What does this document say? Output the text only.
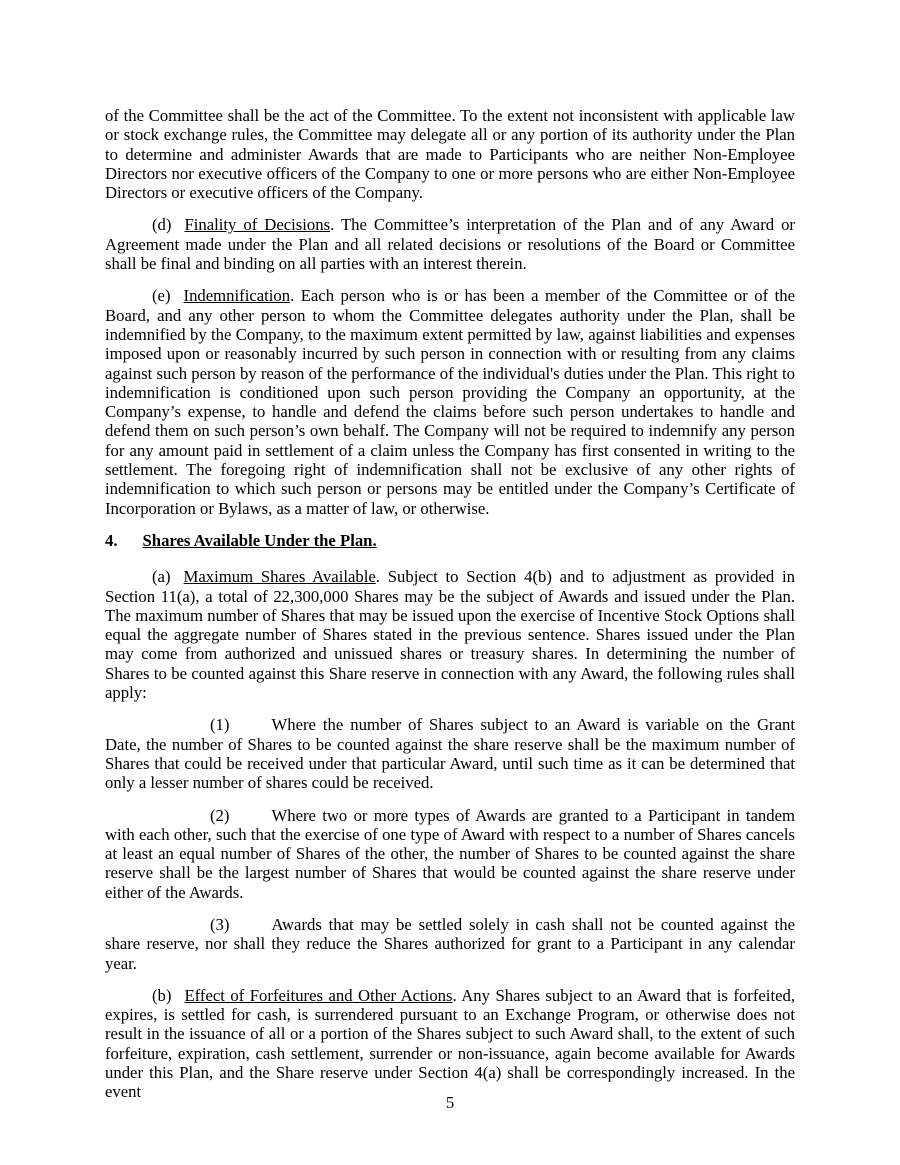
of the Committee shall be the act of the Committee. To the extent not inconsistent with applicable law or stock exchange rules, the Committee may delegate all or any portion of its authority under the Plan to determine and administer Awards that are made to Participants who are neither Non-Employee Directors nor executive officers of the Company to one or more persons who are either Non-Employee Directors or executive officers of the Company.

(d) Finality of Decisions. The Committee’s interpretation of the Plan and of any Award or Agreement made under the Plan and all related decisions or resolutions of the Board or Committee shall be final and binding on all parties with an interest therein.

(e) Indemnification. Each person who is or has been a member of the Committee or of the Board, and any other person to whom the Committee delegates authority under the Plan, shall be indemnified by the Company, to the maximum extent permitted by law, against liabilities and expenses imposed upon or reasonably incurred by such person in connection with or resulting from any claims against such person by reason of the performance of the individual's duties under the Plan. This right to indemnification is conditioned upon such person providing the Company an opportunity, at the Company’s expense, to handle and defend the claims before such person undertakes to handle and defend them on such person’s own behalf. The Company will not be required to indemnify any person for any amount paid in settlement of a claim unless the Company has first consented in writing to the settlement. The foregoing right of indemnification shall not be exclusive of any other rights of indemnification to which such person or persons may be entitled under the Company’s Certificate of Incorporation or Bylaws, as a matter of law, or otherwise.

4. Shares Available Under the Plan.

(a) Maximum Shares Available. Subject to Section 4(b) and to adjustment as provided in Section 11(a), a total of 22,300,000 Shares may be the subject of Awards and issued under the Plan. The maximum number of Shares that may be issued upon the exercise of Incentive Stock Options shall equal the aggregate number of Shares stated in the previous sentence. Shares issued under the Plan may come from authorized and unissued shares or treasury shares. In determining the number of Shares to be counted against this Share reserve in connection with any Award, the following rules shall apply:

(1)	Where the number of Shares subject to an Award is variable on the Grant Date, the number of Shares to be counted against the share reserve shall be the maximum number of Shares that could be received under that particular Award, until such time as it can be determined that only a lesser number of shares could be received.

(2)	Where two or more types of Awards are granted to a Participant in tandem with each other, such that the exercise of one type of Award with respect to a number of Shares cancels at least an equal number of Shares of the other, the number of Shares to be counted against the share reserve shall be the largest number of Shares that would be counted against the share reserve under either of the Awards.

(3)	Awards that may be settled solely in cash shall not be counted against the share reserve, nor shall they reduce the Shares authorized for grant to a Participant in any calendar year.

(b) Effect of Forfeitures and Other Actions. Any Shares subject to an Award that is forfeited, expires, is settled for cash, is surrendered pursuant to an Exchange Program, or otherwise does not result in the issuance of all or a portion of the Shares subject to such Award shall, to the extent of such forfeiture, expiration, cash settlement, surrender or non-issuance, again become available for Awards under this Plan, and the Share reserve under Section 4(a) shall be correspondingly increased. In the event

5
